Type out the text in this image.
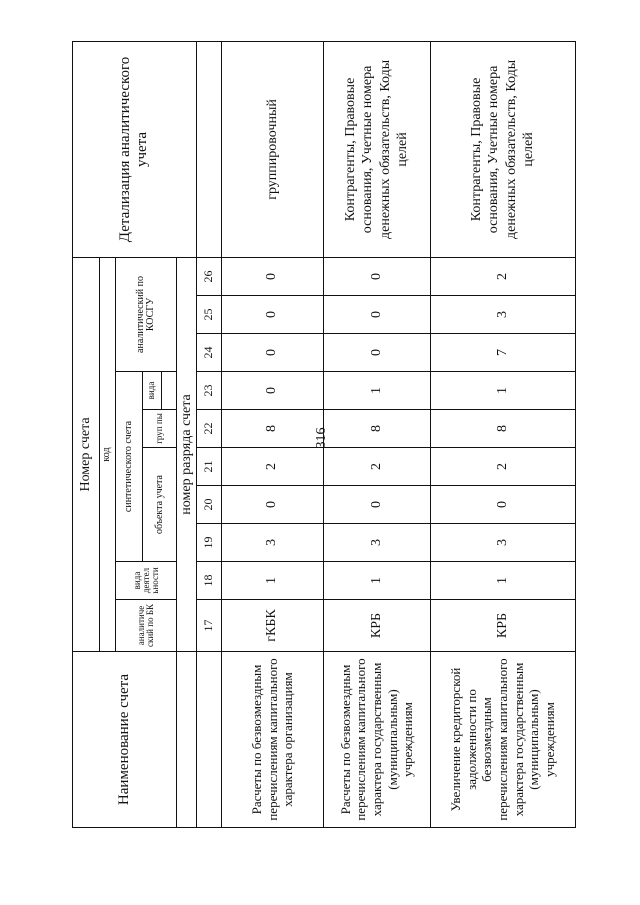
316
Наименование счета	Номер счета										Детализация аналитического учета
	код										
	аналитиче ский по БК	вида деятел ьности	синтетического счета					аналитический по КОСГУ			
			объекта учета			груп пы	вида				

	номер разряда счета										
	17	18	19	20	21	22	23	24	25	26	
Расчеты по безвозмездным перечислениям капитального характера организациям	гКБК	1	3	0	2	8	0	0	0	0	группировочный
Расчеты по безвозмездным перечислениям капитального характера государственным (муниципальным) учреждениям	КРБ	1	3	0	2	8	1	0	0	0	Контрагенты, Правовые основания, Учетные номера денежных обязательств, Коды целей
Увеличение кредиторской задолженности по безвозмездным перечислениям капитального характера государственным (муниципальным) учреждениям	КРБ	1	3	0	2	8	1	7	3	2	Контрагенты, Правовые основания, Учетные номера денежных обязательств, Коды целей
